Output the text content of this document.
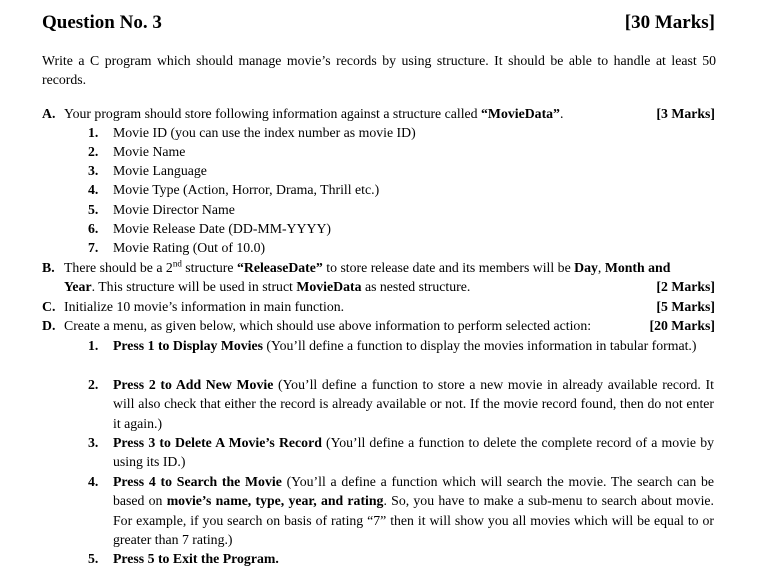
Question No. 3	[30 Marks]
Write a C program which should manage movie’s records by using structure. It should be able to handle at least 50 records.
A. Your program should store following information against a structure called “MovieData”.	[3 Marks]
1. Movie ID (you can use the index number as movie ID)
2. Movie Name
3. Movie Language
4. Movie Type (Action, Horror, Drama, Thrill etc.)
5. Movie Director Name
6. Movie Release Date (DD-MM-YYYY)
7. Movie Rating (Out of 10.0)
B. There should be a 2nd structure “ReleaseDate” to store release date and its members will be Day, Month and
Year. This structure will be used in struct MovieData as nested structure.	[2 Marks]
C. Initialize 10 movie’s information in main function.	[5 Marks]
D. Create a menu, as given below, which should use above information to perform selected action:	[20 Marks]
1. Press 1 to Display Movies (You’ll define a function to display the movies information in tabular format.)
2. Press 2 to Add New Movie (You’ll define a function to store a new movie in already available record. It will also check that either the record is already available or not. If the movie record found, then do not enter it again.)
3. Press 3 to Delete A Movie’s Record (You’ll define a function to delete the complete record of a movie by using its ID.)
4. Press 4 to Search the Movie (You’ll a define a function which will search the movie. The search can be based on movie’s name, type, year, and rating. So, you have to make a sub-menu to search about movie. For example, if you search on basis of rating “7” then it will show you all movies which will be equal to or greater than 7 rating.)
5. Press 5 to Exit the Program.
